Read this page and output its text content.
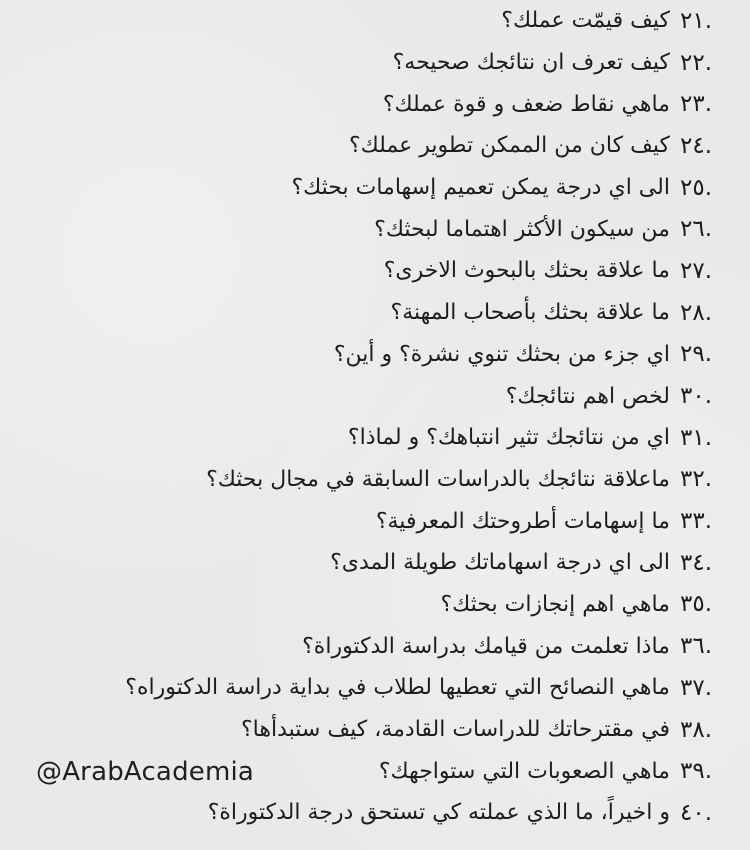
.٢١
كيف قيمّت عملك؟
.٢٢
كيف تعرف ان نتائجك صحيحه؟
.٢٣
ماهي نقاط ضعف و قوة عملك؟
.٢٤
كيف كان من الممكن تطوير عملك؟
.٢٥
الى اي درجة يمكن تعميم إسهامات بحثك؟
.٢٦
من سيكون الأكثر اهتماما لبحثك؟
.٢٧
ما علاقة بحثك بالبحوث الاخرى؟
.٢٨
ما علاقة بحثك بأصحاب المهنة؟
.٢٩
اي جزء من بحثك تنوي نشرة؟ و أين؟
.٣٠
لخص اهم نتائجك؟
.٣١
اي من نتائجك تثير انتباهك؟ و لماذا؟
.٣٢
ماعلاقة نتائجك بالدراسات السابقة في مجال بحثك؟
.٣٣
ما إسهامات أطروحتك المعرفية؟
.٣٤
الى اي درجة اسهاماتك طويلة المدى؟
.٣٥
ماهي اهم إنجازات بحثك؟
.٣٦
ماذا تعلمت من قيامك بدراسة الدكتوراة؟
.٣٧
ماهي النصائح التي تعطيها لطلاب في بداية دراسة الدكتوراه؟
.٣٨
في مقترحاتك للدراسات القادمة، كيف ستبدأها؟
.٣٩
ماهي الصعوبات التي ستواجهك؟
.٤٠
و اخيراً، ما الذي عملته كي تستحق درجة الدكتوراة؟
@ArabAcademia
